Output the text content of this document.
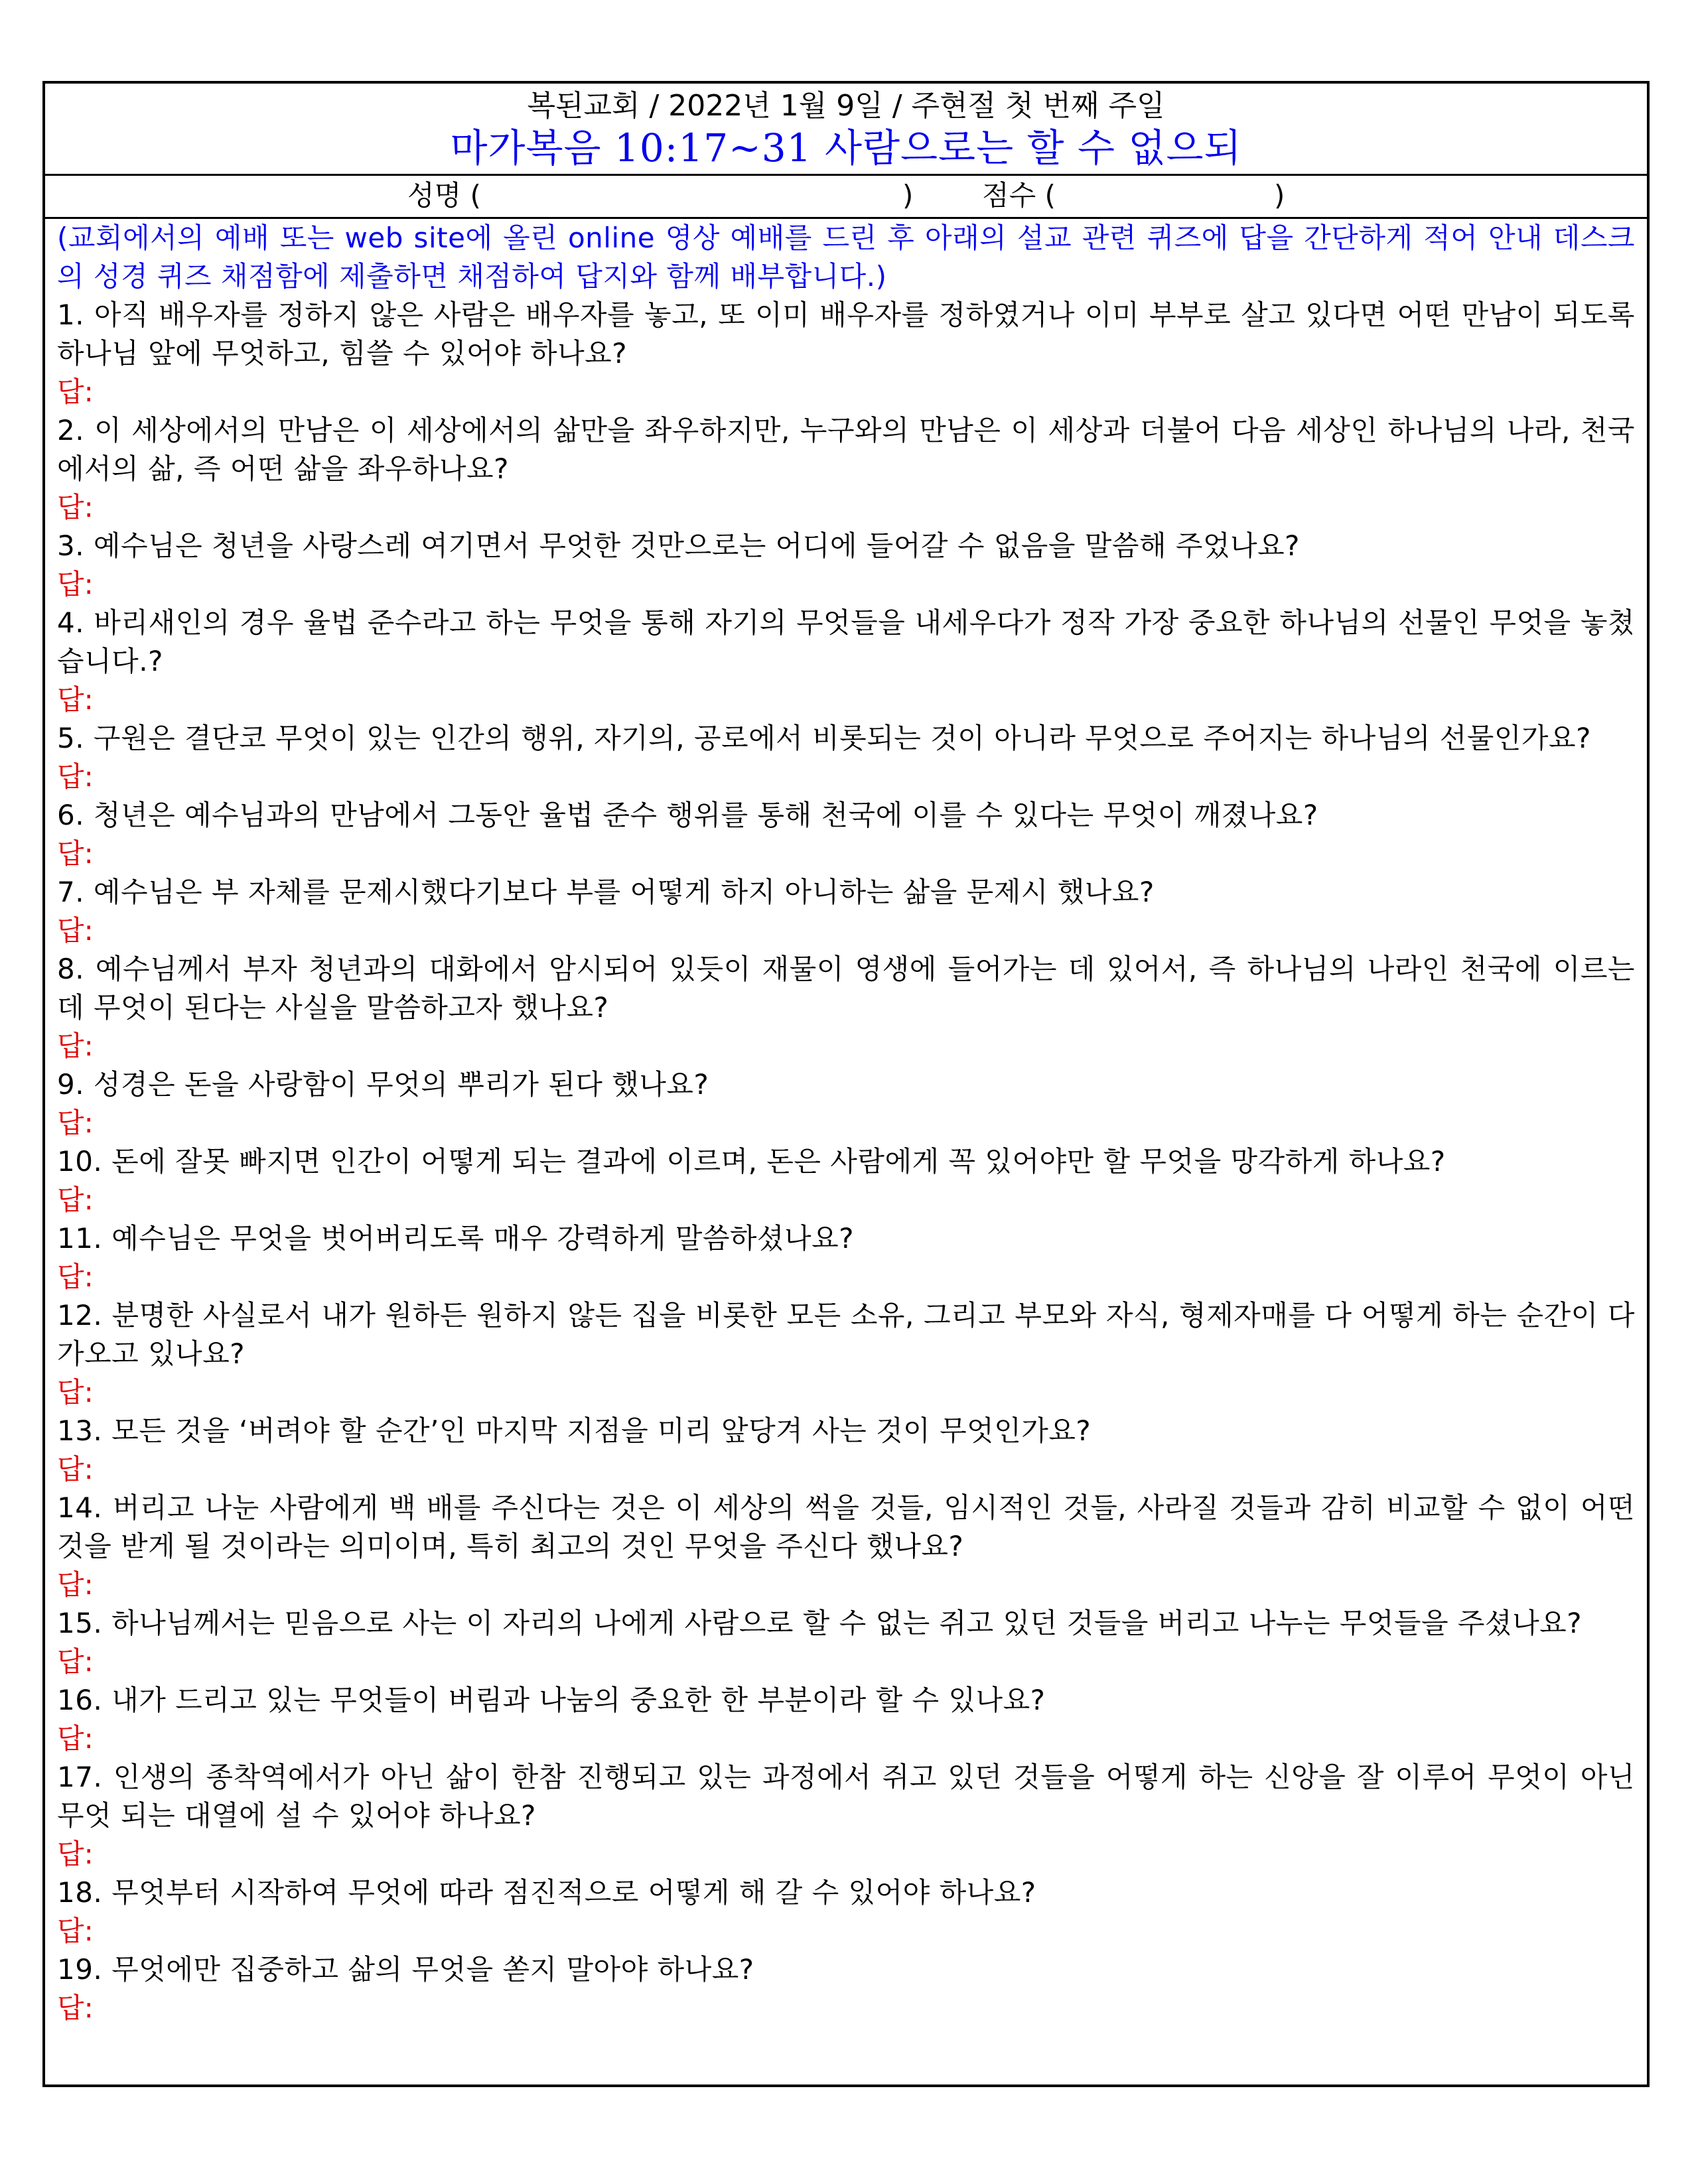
복된교회 / 2022년 1월 9일 / 주현절 첫 번째 주일
마가복음 10:17~31 사람으로는 할 수 없으되
성명 (	) 점수 (	)
(교회에서의 예배 또는 web site에 올린 online 영상 예배를 드린 후 아래의 설교 관련 퀴즈에 답을 간단하게 적어 안내 데스크의 성경 퀴즈 채점함에 제출하면 채점하여 답지와 함께 배부합니다.)
1. 아직 배우자를 정하지 않은 사람은 배우자를 놓고, 또 이미 배우자를 정하였거나 이미 부부로 살고 있다면 어떤 만남이 되도록 하나님 앞에 무엇하고, 힘쓸 수 있어야 하나요?
답:
2. 이 세상에서의 만남은 이 세상에서의 삶만을 좌우하지만, 누구와의 만남은 이 세상과 더불어 다음 세상인 하나님의 나라, 천국에서의 삶, 즉 어떤 삶을 좌우하나요?
답:
3. 예수님은 청년을 사랑스레 여기면서 무엇한 것만으로는 어디에 들어갈 수 없음을 말씀해 주었나요?
답:
4. 바리새인의 경우 율법 준수라고 하는 무엇을 통해 자기의 무엇들을 내세우다가 정작 가장 중요한 하나님의 선물인 무엇을 놓쳤습니다.?
답:
5. 구원은 결단코 무엇이 있는 인간의 행위, 자기의, 공로에서 비롯되는 것이 아니라 무엇으로 주어지는 하나님의 선물인가요?
답:
6. 청년은 예수님과의 만남에서 그동안 율법 준수 행위를 통해 천국에 이를 수 있다는 무엇이 깨졌나요?
답:
7. 예수님은 부 자체를 문제시했다기보다 부를 어떻게 하지 아니하는 삶을 문제시 했나요?
답:
8. 예수님께서 부자 청년과의 대화에서 암시되어 있듯이 재물이 영생에 들어가는 데 있어서, 즉 하나님의 나라인 천국에 이르는 데 무엇이 된다는 사실을 말씀하고자 했나요?
답:
9. 성경은 돈을 사랑함이 무엇의 뿌리가 된다 했나요?
답:
10. 돈에 잘못 빠지면 인간이 어떻게 되는 결과에 이르며, 돈은 사람에게 꼭 있어야만 할 무엇을 망각하게 하나요?
답:
11. 예수님은 무엇을 벗어버리도록 매우 강력하게 말씀하셨나요?
답:
12. 분명한 사실로서 내가 원하든 원하지 않든 집을 비롯한 모든 소유, 그리고 부모와 자식, 형제자매를 다 어떻게 하는 순간이 다가오고 있나요?
답:
13. 모든 것을 ‘버려야 할 순간’인 마지막 지점을 미리 앞당겨 사는 것이 무엇인가요?
답:
14. 버리고 나눈 사람에게 백 배를 주신다는 것은 이 세상의 썩을 것들, 임시적인 것들, 사라질 것들과 감히 비교할 수 없이 어떤 것을 받게 될 것이라는 의미이며, 특히 최고의 것인 무엇을 주신다 했나요?
답:
15. 하나님께서는 믿음으로 사는 이 자리의 나에게 사람으로 할 수 없는 쥐고 있던 것들을 버리고 나누는 무엇들을 주셨나요?
답:
16. 내가 드리고 있는 무엇들이 버림과 나눔의 중요한 한 부분이라 할 수 있나요?
답:
17. 인생의 종착역에서가 아닌 삶이 한참 진행되고 있는 과정에서 쥐고 있던 것들을 어떻게 하는 신앙을 잘 이루어 무엇이 아닌 무엇 되는 대열에 설 수 있어야 하나요?
답:
18. 무엇부터 시작하여 무엇에 따라 점진적으로 어떻게 해 갈 수 있어야 하나요?
답:
19. 무엇에만 집중하고 삶의 무엇을 쏟지 말아야 하나요?
답:
